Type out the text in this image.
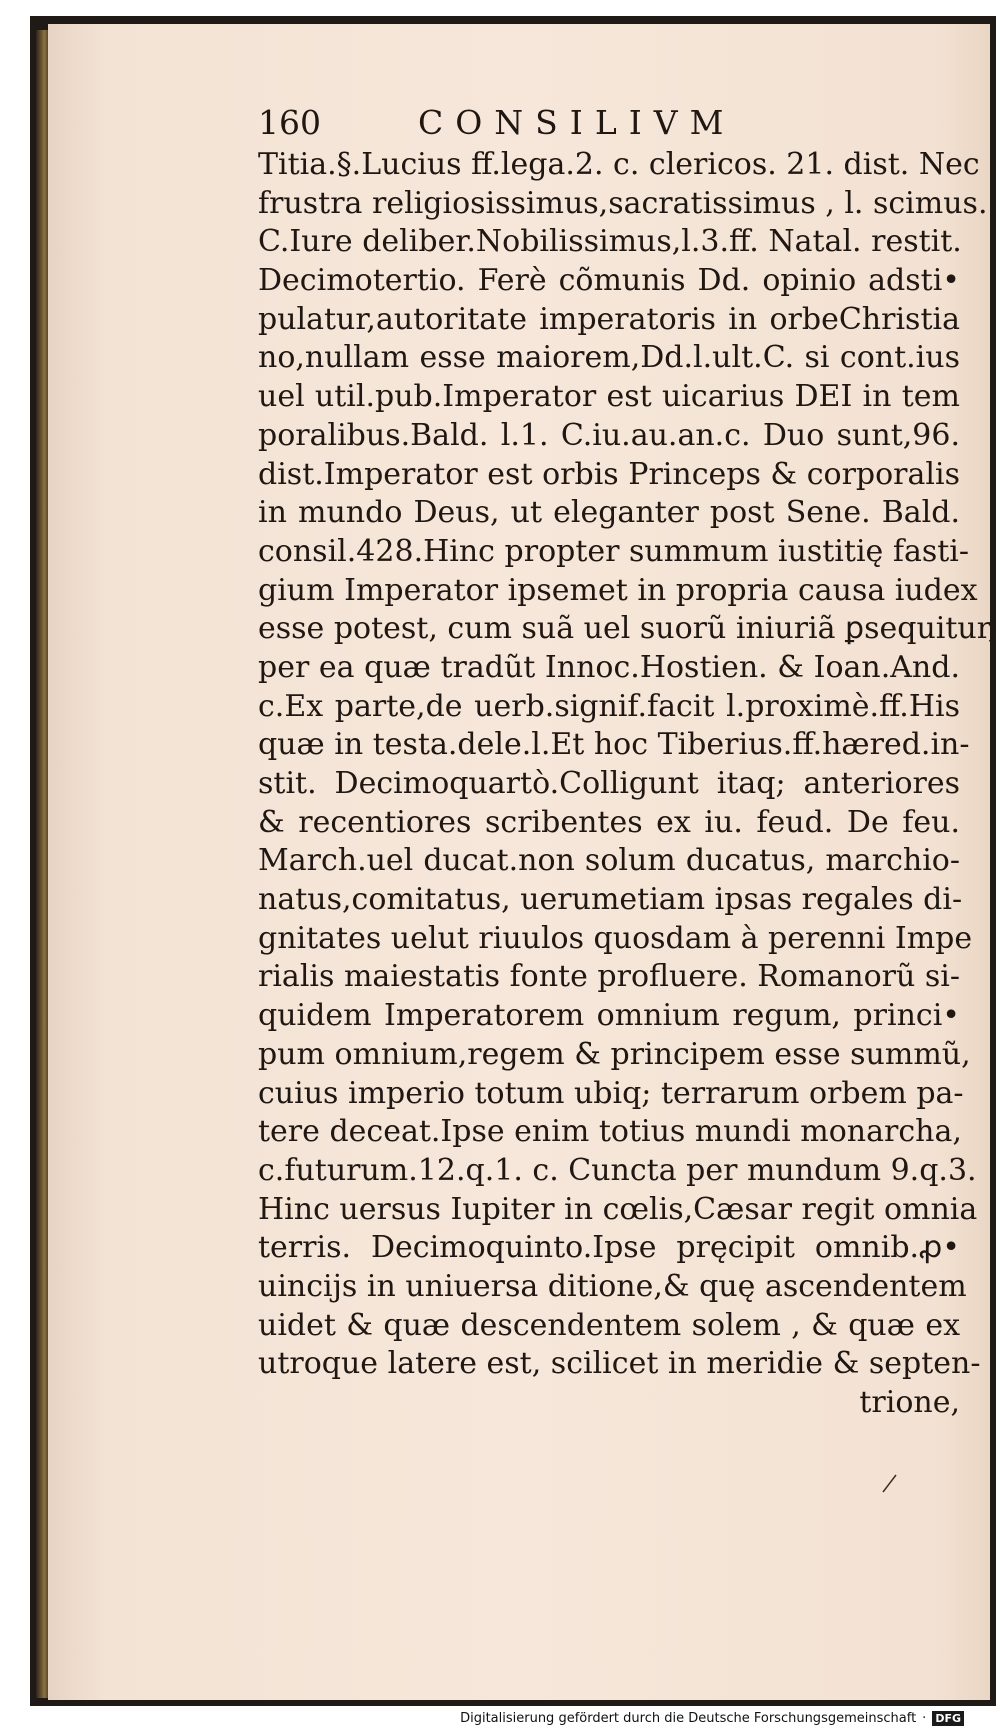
160	CONSILIVM
Titia.§.Lucius ff.lega.2. c. clericos. 21. dist. Nec
frustra religiosissimus,sacratissimus , l. scimus.
C.Iure deliber.Nobilissimus,l.3.ff. Natal. restit.
Decimotertio. Ferè cõmunis Dd. opinio adsti•
pulatur,autoritate imperatoris in orbeChristia
no,nullam esse maiorem,Dd.l.ult.C. si cont.ius
uel util.pub.Imperator est uicarius DEI in tem
poralibus.Bald. l.1. C.iu.au.an.c. Duo sunt,96.
dist.Imperator est orbis Princeps & corporalis
in mundo Deus, ut eleganter post Sene. Bald.
consil.428.Hinc propter summum iustitię fasti-
gium Imperator ipsemet in propria causa iudex
esse potest, cum suã uel suorũ iniuriã ꝑsequitur,
per ea quæ tradũt Innoc.Hostien. & Ioan.And.
c.Ex parte,de uerb.signif.facit l.proximè.ff.His
quæ in testa.dele.l.Et hoc Tiberius.ff.hæred.in-
stit. Decimoquartò.Colligunt itaq; anteriores
& recentiores scribentes ex iu. feud. De feu.
March.uel ducat.non solum ducatus, marchio-
natus,comitatus, uerumetiam ipsas regales di-
gnitates uelut riuulos quosdam à perenni Impe
rialis maiestatis fonte profluere. Romanorũ si-
quidem Imperatorem omnium regum, princi•
pum omnium,regem & principem esse summũ,
cuius imperio totum ubiq; terrarum orbem pa-
tere deceat.Ipse enim totius mundi monarcha,
c.futurum.12.q.1. c. Cuncta per mundum 9.q.3.
Hinc uersus Iupiter in cœlis,Cæsar regit omnia
terris. Decimoquinto.Ipse pręcipit omnib.ꝓ•
uincijs in uniuersa ditione,& quę ascendentem
uidet & quæ descendentem solem , & quæ ex
utroque latere est, scilicet in meridie & septen-
trione,
Digitalisierung gefördert durch die Deutsche Forschungsgemeinschaft · DFG
